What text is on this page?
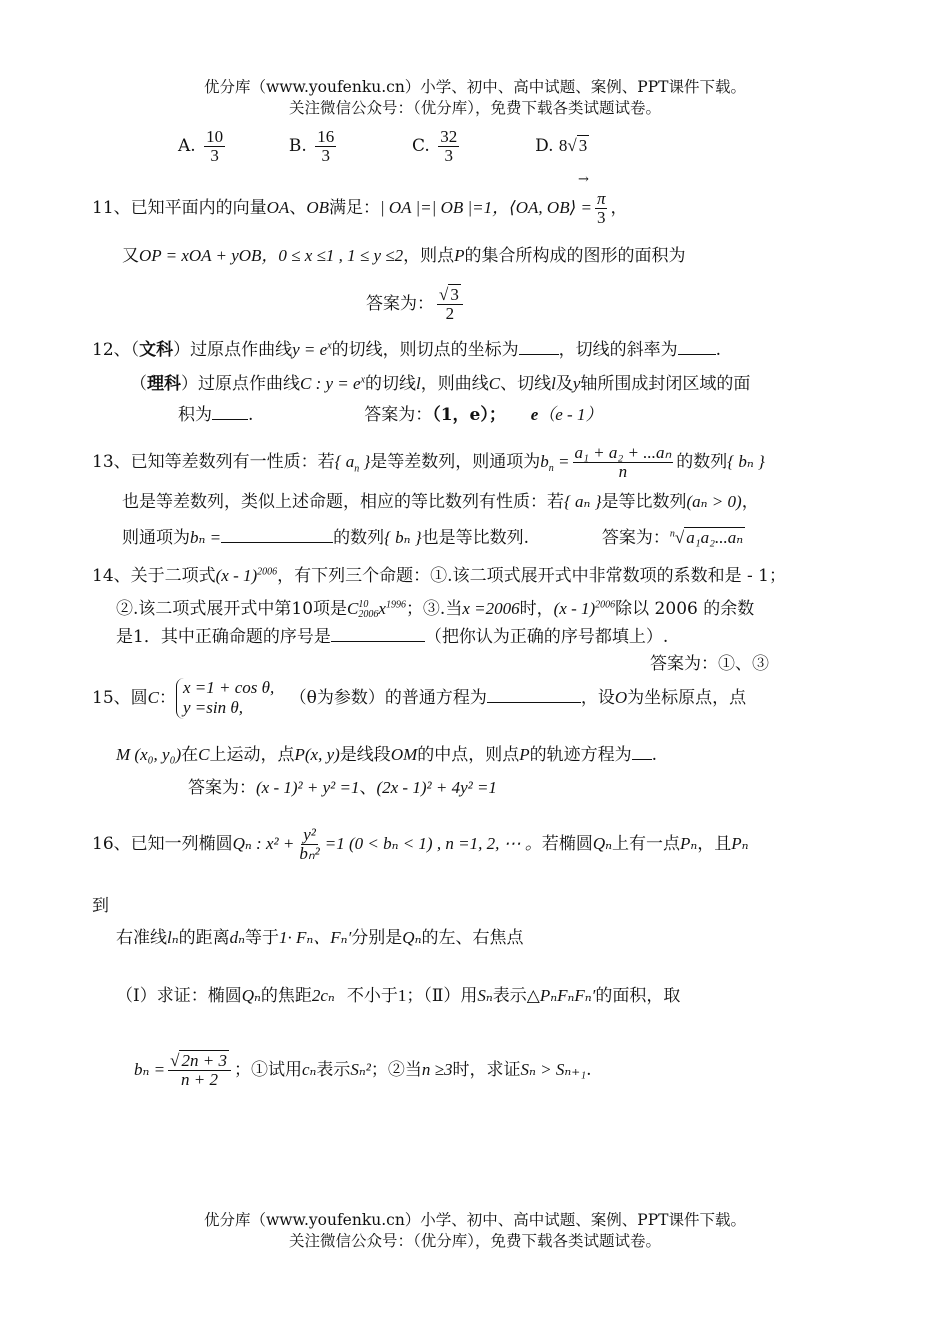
优分库（www.youfenku.cn）小学、初中、高中试题、案例、PPT课件下载。
关注微信公众号：（优分库），免费下载各类试题试卷。
A. $\frac{10}{3}$	B. $\frac{16}{3}$	C. $\frac{32}{3}$	D. 8√ 3
→
11、已知平面内的向量OA、OB满足：| OA |=| OB |=1，⟨OA, OB⟩ = $\frac{\pi}{3}$ ，
又OP = xOA + yOB，0 ≤ x ≤1 , 1 ≤ y ≤2，则点P的集合所构成的图形的面积为
答案为： $\frac{√ 3}{2}$
12、（文科）过原点作曲线$y = e^x$的切线，则切点的坐标为 ，切线的斜率为 .
（理科）过原点作曲线C : $y = e^x$的切线l，则曲线C、切线l及y轴所围成封闭区域的面
积为 .	答案为：（1，e）； e（e - 1）
13、已知等差数列有一性质：若{ $a_n$ }是等差数列，则通项为$b_n = \frac{\text{a₁ + a₂ + ...aₙ}}{n}$ 的数列{ bₙ }
也是等差数列，类似上述命题，相应的等比数列有性质：若{ aₙ }是等比数列(aₙ > 0)，
则通项为bₙ =	的数列{ bₙ }也是等比数列.	答案为：$^n$√ a₁a₂...aₙ
14、关于二项式(x - 1)$^{2006}$，有下列三个命题：①.该二项式展开式中非常数项的系数和是 - 1；
②.该二项式展开式中第10项是C 10
2006 $x^{1996}$；③.当x =2006时，(x - 1)$^{2006}$除以 2006 的余数
是1．其中正确命题的序号是	（把你认为正确的序号都填上）.
答案为：①、③
15、圆C：
x =1 + cos θ,
y =sin θ,	（θ为参数）的普通方程为	，设O为坐标原点，点
M (x₀, y₀)在C上运动，点P(x, y)是线段OM的中点，则点P的轨迹方程为 .
答案为：(x - 1)² + y² =1、(2x - 1)² + 4y² =1
16、已知一列椭圆Qₙ : $x^2 + \frac{\text{y²}}{\text{bₙ²}} =1$ (0 < bₙ < 1) , n =1, 2, ⋯ 。若椭圆Qₙ上有一点Pₙ，且Pₙ
到
右准线lₙ的距离dₙ等于1· Fₙ、Fₙ′分别是Qₙ的左、右焦点
（Ⅰ）求证：椭圆Qₙ的焦距2cₙ 不小于1；（Ⅱ）用Sₙ表示△PₙFₙFₙ′的面积，取
$b_n = \frac{√ 2n + 3}{n + 2}$ ；①试用cₙ表示Sₙ²；②当n ≥3时，求证Sₙ > Sₙ₊₁.
优分库（www.youfenku.cn）小学、初中、高中试题、案例、PPT课件下载。
关注微信公众号：（优分库），免费下载各类试题试卷。
